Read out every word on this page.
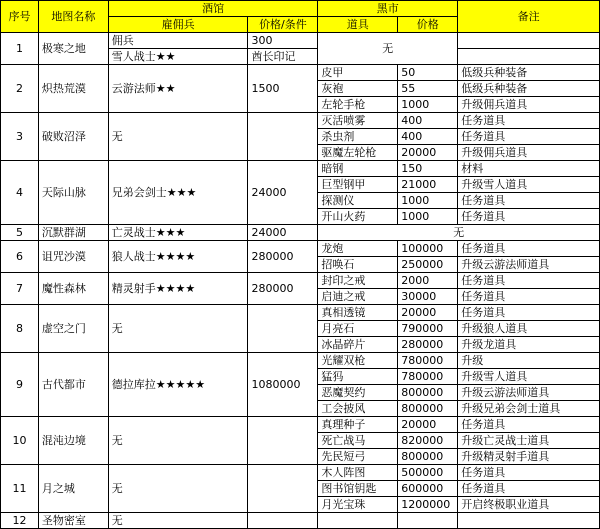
序号	地图名称	酒馆		黑市		备注
		雇佣兵	价格/条件	道具	价格	
1	极寒之地	佣兵	300	无		
		雪人战士★★	酋长印记			
2	炽热荒漠	云游法师★★	1500	皮甲	50	低级兵种装备
				灰袍	55	低级兵种装备
				左轮手枪	1000	升级佣兵道具
3	破败沼泽	无		灭活喷雾	400	任务道具
				杀虫剂	400	任务道具
				驱魔左轮枪	20000	升级佣兵道具
4	天际山脉	兄弟会剑士★★★	24000	暗钢	150	材料
				巨型钢甲	21000	升级雪人道具
				探测仪	1000	任务道具
				开山火药	1000	任务道具
5	沉默群湖	亡灵战士★★★	24000	无		
6	诅咒沙漠	狼人战士★★★★	280000	龙炮	100000	任务道具
				招唤石	250000	升级云游法师道具
7	魔性森林	精灵射手★★★★	280000	封印之戒	2000	任务道具
				启迪之戒	30000	任务道具
8	虚空之门	无		真相透镜	20000	任务道具
				月亮石	790000	升级狼人道具
				冰晶碎片	280000	升级龙道具
9	古代都市	德拉库拉★★★★★	1080000	光耀双枪	780000	升级
				猛犸	780000	升级雪人道具
				恶魔契约	800000	升级云游法师道具
				工会披风	800000	升级兄弟会剑士道具
10	混沌边境	无		真理种子	20000	任务道具
				死亡战马	820000	升级亡灵战士道具
				先民短弓	800000	升级精灵射手道具
11	月之城	无		木人阵图	500000	任务道具
				图书馆钥匙	600000	任务道具
				月光宝珠	1200000	开启终极职业道具
12	圣物密室	无				
